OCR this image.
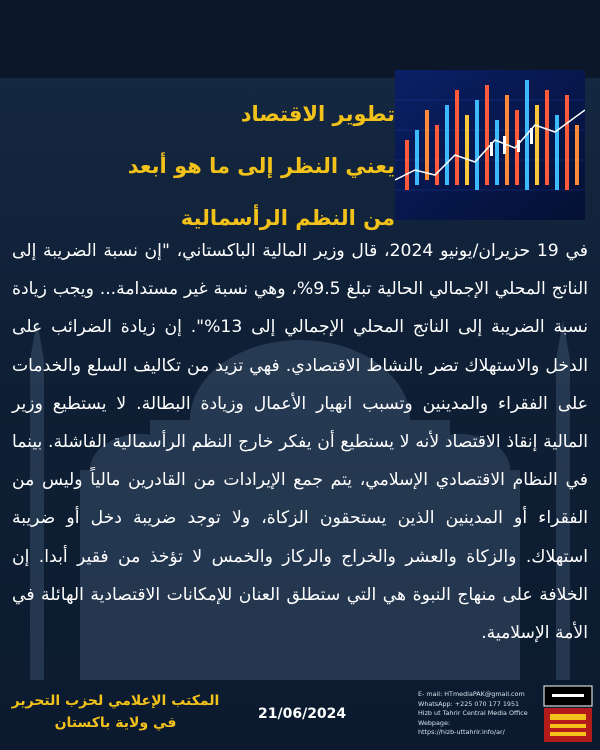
تطوير الاقتصاد
يعني النظر إلى ما هو أبعد
من النظم الرأسمالية
في 19 حزيران/يونيو 2024، قال وزير المالية الباكستاني، "إن نسبة الضريبة إلى الناتج المحلي الإجمالي الحالية تبلغ 9.5%، وهي نسبة غير مستدامة... ويجب زيادة نسبة الضريبة إلى الناتج المحلي الإجمالي إلى 13%". إن زيادة الضرائب على الدخل والاستهلاك تضر بالنشاط الاقتصادي. فهي تزيد من تكاليف السلع والخدمات على الفقراء والمدينين وتسبب انهيار الأعمال وزيادة البطالة. لا يستطيع وزير المالية إنقاذ الاقتصاد لأنه لا يستطيع أن يفكر خارج النظم الرأسمالية الفاشلة. بينما في النظام الاقتصادي الإسلامي، يتم جمع الإيرادات من القادرين مالياً وليس من الفقراء أو المدينين الذين يستحقون الزكاة، ولا توجد ضريبة دخل أو ضريبة استهلاك. والزكاة والعشر والخراج والركاز والخمس لا تؤخذ من فقير أبدا. إن الخلافة على منهاج النبوة هي التي ستطلق العنان للإمكانات الاقتصادية الهائلة في الأمة الإسلامية.
المكتب الإعلامي لحزب التحرير
في ولاية باكستان
21/06/2024
E- mail: HTmediaPAK@gmail.com
WhatsApp: +225 070 177 1951
Hizb ut Tahrir Central Media Office Webpage:
https://hizb-uttahrir.info/ar/
